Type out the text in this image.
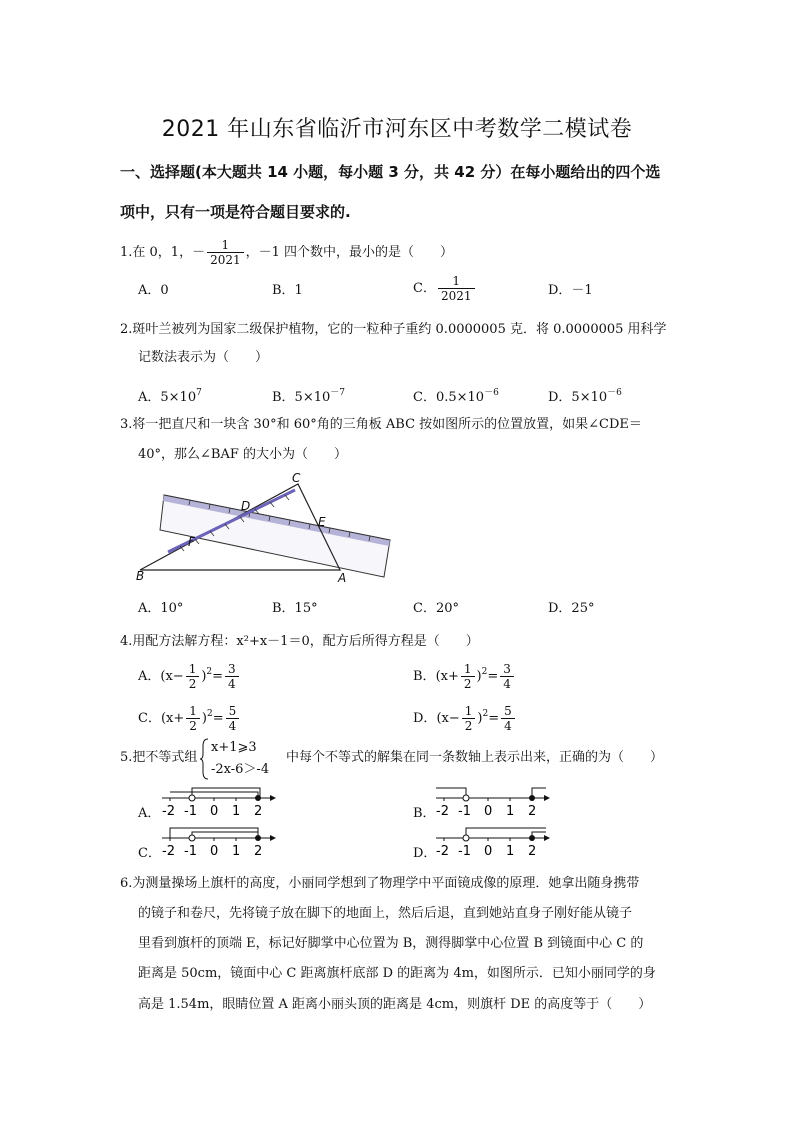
2021 年山东省临沂市河东区中考数学二模试卷
一、选择题(本大题共 14 小题，每小题 3 分，共 42 分）在每小题给出的四个选
项中，只有一项是符合题目要求的.
1.在 0，1，－ $\frac{1}{2021}$ ，－1 四个数中，最小的是（　　）
A．0	B．1	C． $\frac{1}{2021}$	D．－1
2.斑叶兰被列为国家二级保护植物，它的一粒种子重约 0.0000005 克．将 0.0000005 用科学
记数法表示为（　　）
A．$5\times 10^7$	B．$5\times 10^{-7}$	C．$0.5\times 10^{-6}$	D．$5\times 10^{-6}$
3.将一把直尺和一块含 30°和 60°角的三角板 ABC 按如图所示的位置放置，如果∠CDE＝
40°，那么∠BAF 的大小为（　　）
C
D
E
F
B	A
A．10°	B．15°	C．20°	D．25°
4.用配方法解方程：x²+x－1＝0，配方后所得方程是（　　）
A．$(x- \frac{1}{2} )^2= \frac{3}{4}$	B．$(x+ \frac{1}{2} )^2= \frac{3}{4}$
C．$(x+ \frac{1}{2} )^2= \frac{5}{4}$	D．$(x- \frac{1}{2} )^2= \frac{5}{4}$
5.把不等式组
x+1⩾3
-2x-6＞-4
中每个不等式的解集在同一条数轴上表示出来，正确的为（　　）
A． -2 -1 0 1 2	B． -2 -1 0 1 2
C． -2 -1 0 1 2	D． -2 -1 0 1 2
6.为测量操场上旗杆的高度，小丽同学想到了物理学中平面镜成像的原理．她拿出随身携带
的镜子和卷尺，先将镜子放在脚下的地面上，然后后退，直到她站直身子刚好能从镜子
里看到旗杆的顶端 E，标记好脚掌中心位置为 B，测得脚掌中心位置 B 到镜面中心 C 的
距离是 50cm，镜面中心 C 距离旗杆底部 D 的距离为 4m，如图所示．已知小丽同学的身
高是 1.54m，眼睛位置 A 距离小丽头顶的距离是 4cm，则旗杆 DE 的高度等于（　　）
